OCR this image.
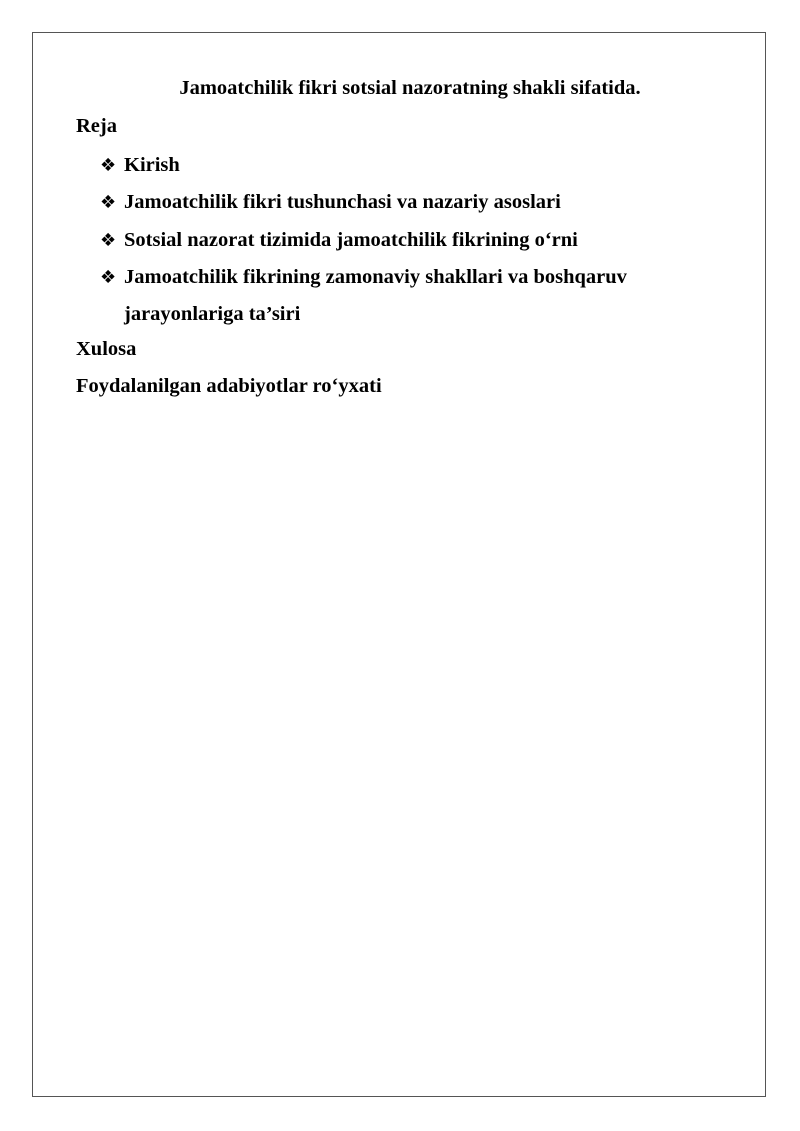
Jamoatchilik fikri sotsial nazoratning shakli sifatida.
Reja
❖ Kirish
❖ Jamoatchilik fikri tushunchasi va nazariy asoslari
❖ Sotsial nazorat tizimida jamoatchilik fikrining o‘rni
❖ Jamoatchilik fikrining zamonaviy shakllari va boshqaruv jarayonlariga ta’siri
Xulosa
Foydalanilgan adabiyotlar ro‘yxati
